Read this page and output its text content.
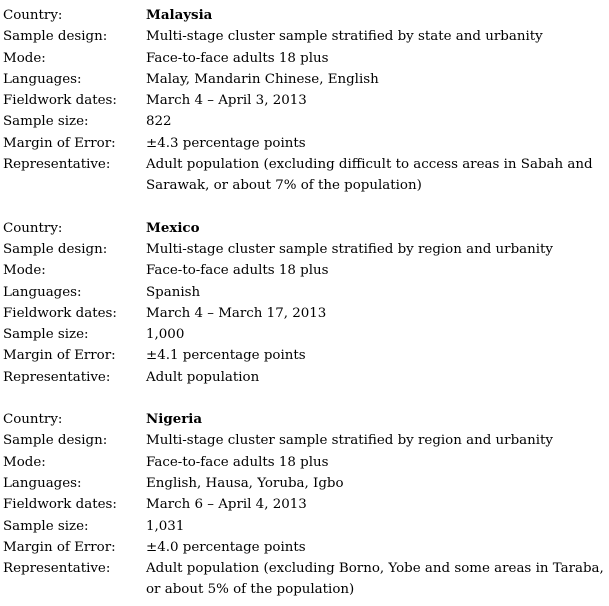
Country:	Malaysia
Sample design:	Multi-stage cluster sample stratified by state and urbanity
Mode:	Face-to-face adults 18 plus
Languages:	Malay, Mandarin Chinese, English
Fieldwork dates:	March 4 – April 3, 2013
Sample size:	822
Margin of Error:	±4.3 percentage points
Representative:	Adult population (excluding difficult to access areas in Sabah and Sarawak, or about 7% of the population)
Country:	Mexico
Sample design:	Multi-stage cluster sample stratified by region and urbanity
Mode:	Face-to-face adults 18 plus
Languages:	Spanish
Fieldwork dates:	March 4 – March 17, 2013
Sample size:	1,000
Margin of Error:	±4.1 percentage points
Representative:	Adult population
Country:	Nigeria
Sample design:	Multi-stage cluster sample stratified by region and urbanity
Mode:	Face-to-face adults 18 plus
Languages:	English, Hausa, Yoruba, Igbo
Fieldwork dates:	March 6 – April 4, 2013
Sample size:	1,031
Margin of Error:	±4.0 percentage points
Representative:	Adult population (excluding Borno, Yobe and some areas in Taraba, or about 5% of the population)
